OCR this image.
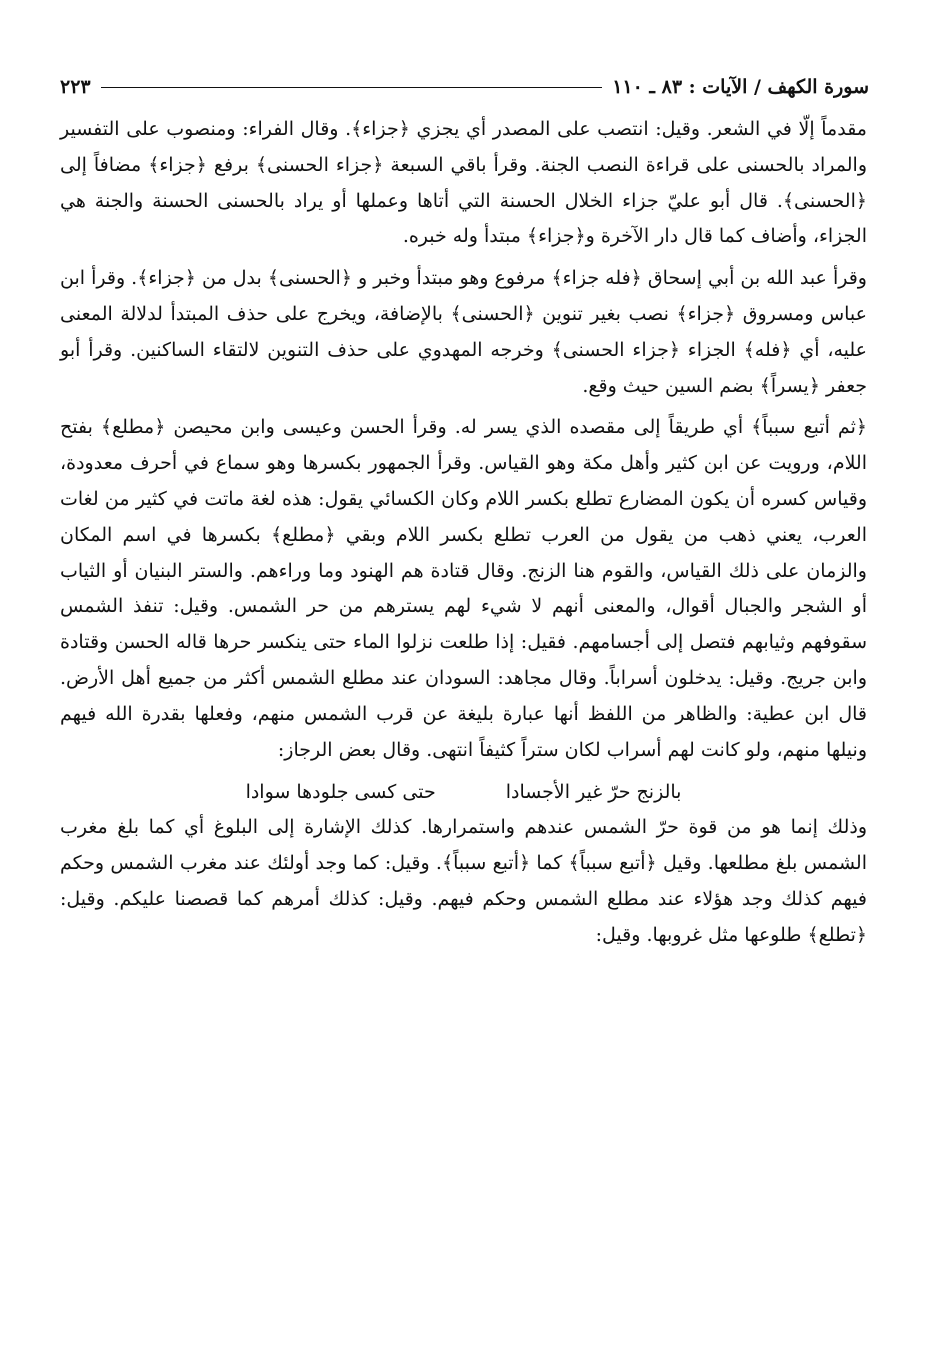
سورة الكهف / الآيات : ٨٣ ـ ١١٠
٢٢٣

مقدماً إلّا في الشعر. وقيل: انتصب على المصدر أي يجزي ﴿جزاء﴾. وقال الفراء: ومنصوب على التفسير والمراد بالحسنى على قراءة النصب الجنة. وقرأ باقي السبعة ﴿جزاء الحسنى﴾ برفع ﴿جزاء﴾ مضافاً إلى ﴿الحسنى﴾. قال أبو عليّ جزاء الخلال الحسنة التي أتاها وعملها أو يراد بالحسنى الحسنة والجنة هي الجزاء، وأضاف كما قال دار الآخرة و﴿جزاء﴾ مبتدأ وله خبره.

وقرأ عبد الله بن أبي إسحاق ﴿فله جزاء﴾ مرفوع وهو مبتدأ وخبر و ﴿الحسنى﴾ بدل من ﴿جزاء﴾. وقرأ ابن عباس ومسروق ﴿جزاء﴾ نصب بغير تنوين ﴿الحسنى﴾ بالإضافة، ويخرج على حذف المبتدأ لدلالة المعنى عليه، أي ﴿فله﴾ الجزاء ﴿جزاء الحسنى﴾ وخرجه المهدوي على حذف التنوين لالتقاء الساكنين. وقرأ أبو جعفر ﴿يسراً﴾ بضم السين حيث وقع.

﴿ثم أتبع سبباً﴾ أي طريقاً إلى مقصده الذي يسر له. وقرأ الحسن وعيسى وابن محيصن ﴿مطلع﴾ بفتح اللام، ورويت عن ابن كثير وأهل مكة وهو القياس. وقرأ الجمهور بكسرها وهو سماع في أحرف معدودة، وقياس كسره أن يكون المضارع تطلع بكسر اللام وكان الكسائي يقول: هذه لغة ماتت في كثير من لغات العرب، يعني ذهب من يقول من العرب تطلع بكسر اللام وبقي ﴿مطلع﴾ بكسرها في اسم المكان والزمان على ذلك القياس، والقوم هنا الزنج. وقال قتادة هم الهنود وما وراءهم. والستر البنيان أو الثياب أو الشجر والجبال أقوال، والمعنى أنهم لا شيء لهم يسترهم من حر الشمس. وقيل: تنفذ الشمس سقوفهم وثيابهم فتصل إلى أجسامهم. فقيل: إذا طلعت نزلوا الماء حتى ينكسر حرها قاله الحسن وقتادة وابن جريج. وقيل: يدخلون أسراباً. وقال مجاهد: السودان عند مطلع الشمس أكثر من جميع أهل الأرض. قال ابن عطية: والظاهر من اللفظ أنها عبارة بليغة عن قرب الشمس منهم، وفعلها بقدرة الله فيهم ونيلها منهم، ولو كانت لهم أسراب لكان ستراً كثيفاً انتهى. وقال بعض الرجاز:

بالزنج حرّ غير الأجسادا
حتى كسى جلودها سوادا

وذلك إنما هو من قوة حرّ الشمس عندهم واستمرارها. كذلك الإشارة إلى البلوغ أي كما بلغ مغرب الشمس بلغ مطلعها. وقيل ﴿أتبع سبباً﴾ كما ﴿أتبع سبباً﴾. وقيل: كما وجد أولئك عند مغرب الشمس وحكم فيهم كذلك وجد هؤلاء عند مطلع الشمس وحكم فيهم. وقيل: كذلك أمرهم كما قصصنا عليكم. وقيل: ﴿تطلع﴾ طلوعها مثل غروبها. وقيل:
